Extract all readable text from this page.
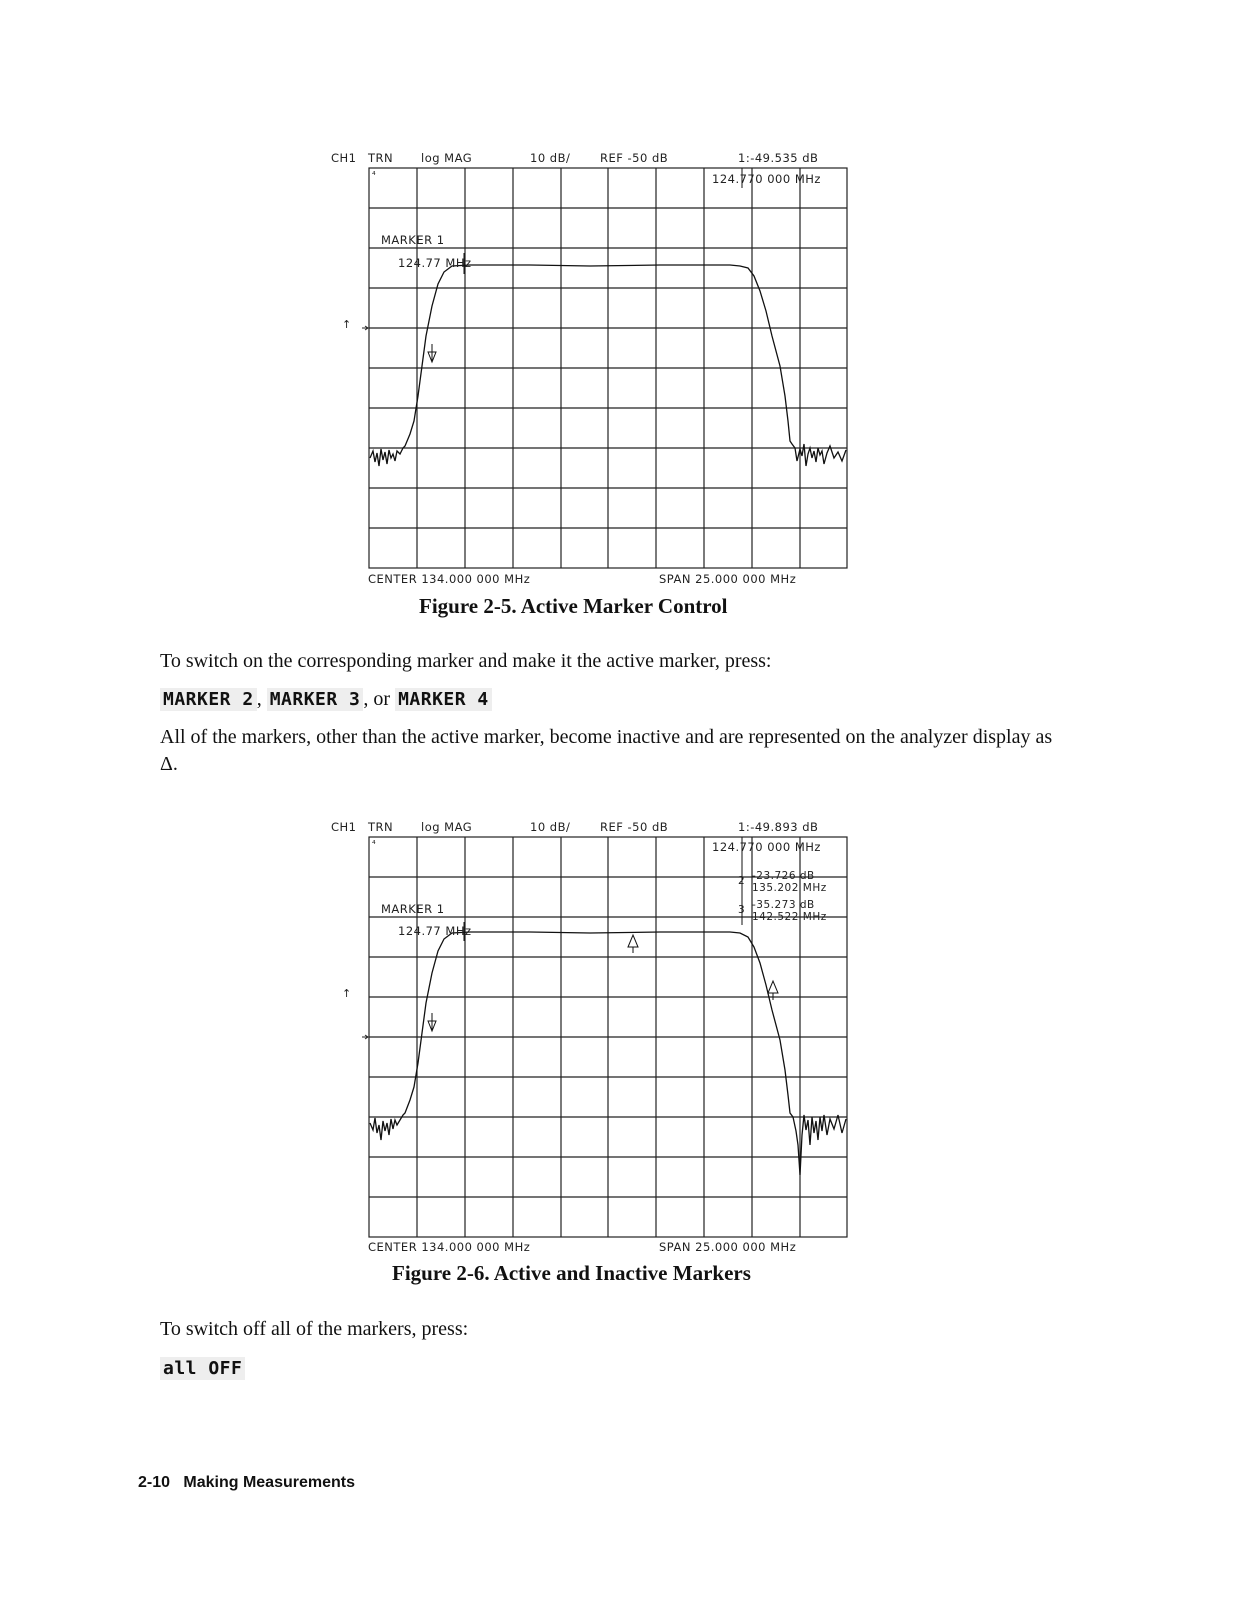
CH1 TRN log MAG	10 dB/	REF -50 dB	1:-49.535 dB
↑
⁴	124.770 000 MHz
MARKER 1
124.77 MHz
CENTER 134.000 000 MHz	SPAN 25.000 000 MHz
Figure 2-5. Active Marker Control
To switch on the corresponding marker and make it the active marker, press:
MARKER 2 , MARKER 3 , or MARKER 4
All of the markers, other than the active marker, become inactive and are represented on the analyzer display as Δ.
CH1 TRN log MAG	10 dB/	REF -50 dB	1:-49.893 dB
↑
⁴	124.770 000 MHz
2 -23.726 dB
135.202 MHz
3 -35.273 dB
142.522 MHz
MARKER 1
124.77 MHz
CENTER 134.000 000 MHz	SPAN 25.000 000 MHz
Figure 2-6. Active and Inactive Markers
To switch off all of the markers, press:
all OFF
2-10 Making Measurements
